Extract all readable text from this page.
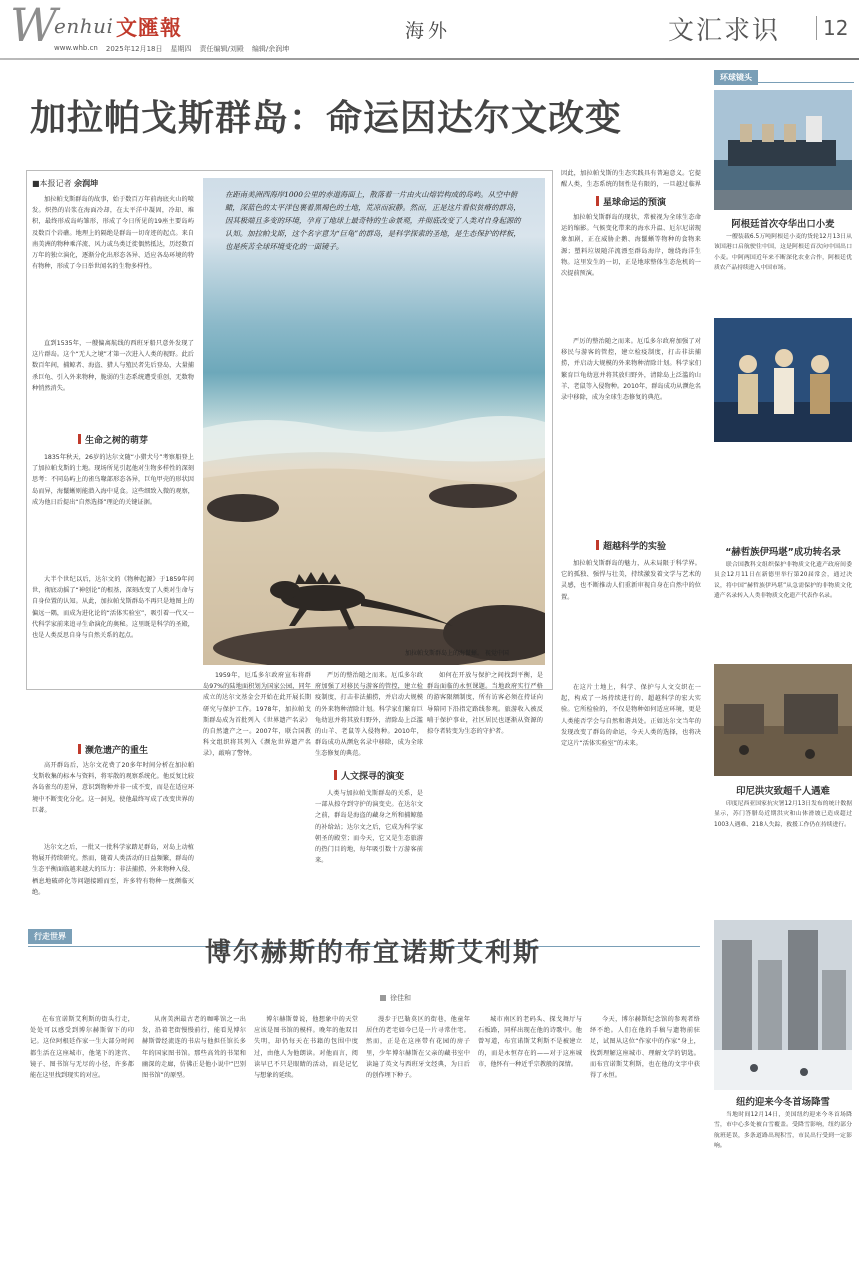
W
enhui 文匯報
www.whb.cn 2025年12月18日 星期四 责任编辑/刘殿 编辑/余润坤
海外	文汇求识	12
加拉帕戈斯群岛：命运因达尔文改变
■本报记者 余润坤
加拉帕戈斯群岛的故事，始于数百万年前海底火山的喷发。炽热的岩浆在海面冷却，在太平洋中凝固，冷却、堆积，最终形成岛屿雏形，形成了今日所见的19座主要岛屿及数百个岩礁。地理上的隔绝是群岛一切奇迹的起点。来自南美洲的物种乘洋流、风力或鸟类迁徙偶然抵达，历经数百万年的独立演化，逐渐分化出形态各异、适应各岛环境的特有物种，形成了今日举世闻名的生物多样性。
直到1535年，一艘偏离航线的西班牙船只意外发现了这片群岛。这个“无人之境”才第一次进入人类的视野。此后数百年间，捕鲸者、海盗、猎人与殖民者先后登岛，大量捕杀巨龟、引入外来物种，脆弱的生态系统遭受重创，无数物种悄然消失。
生命之树的萌芽
1835年秋天，26岁的达尔文随“小猎犬号”考察船登上了加拉帕戈斯的土地。现场所见引起他对生物多样性的深刻思考：不同岛屿上的雀鸟喙部形态各异，巨龟甲壳的形状因岛而异，海鬣蜥则能潜入海中觅食。这些细致入微的观察，成为他日后提出“自然选择”理论的关键证据。
大半个世纪以后，达尔文的《物种起源》于1859年问世，彻底动摇了“神创论”的根基，深刻改变了人类对生命与自身位置的认知。从此，加拉帕戈斯群岛不再只是地图上的偏远一隅，而成为进化论的“活体实验室”，吸引着一代又一代科学家前来追寻生命演化的奥秘。这里既是科学的圣殿，也是人类反思自身与自然关系的起点。
在距南美洲西海岸1000公里的赤道海面上，散落着一片由火山熔岩构成的岛屿。从空中俯瞰，深蓝色的太平洋包裹着黑褐色的土地，荒凉而寂静。然而，正是这片看似贫瘠的群岛，因其极端且多变的环境，孕育了地球上最奇特的生命景观，并彻底改变了人类对自身起源的认知。加拉帕戈斯，这个名字意为“巨龟”的群岛，是科学探索的圣地，是生态保护的样板，也是疾苦全球环境变化的一面镜子。
加拉帕戈斯群岛上的海鬣蜥。 视觉中国
1959年，厄瓜多尔政府宣布将群岛97%的陆地面积划为国家公园，同年成立的达尔文基金会开始在此开展长期研究与保护工作。1978年，加拉帕戈斯群岛成为首批列入《世界遗产名录》的自然遗产之一。2007年，联合国教科文组织将其列入《濒危世界遗产名录》，敲响了警钟。
严厉的整治随之而来。厄瓜多尔政府加强了对移民与游客的管控，建立检疫制度，打击非法捕捞，并启动大规模的外来物种清除计划。科学家们繁育巨龟幼崽并将其放归野外，清除岛上泛滥的山羊、老鼠等入侵物种。2010年，群岛成功从濒危名录中移除，成为全球生态修复的典范。
人文探寻的演变
人类与加拉帕戈斯群岛的关系，是一部从掠夺到守护的演变史。在达尔文之前，群岛是海盗的藏身之所和捕鲸船的补给站；达尔文之后，它成为科学家朝圣的殿堂；而今天，它又是生态旅游的热门目的地，每年吸引数十万游客前来。
如何在开放与保护之间找到平衡，是群岛面临的永恒课题。当地政府实行严格的游客限额制度，所有访客必须在持证向导陪同下沿指定路线参观。旅游收入被反哺于保护事业，社区居民也逐渐从资源的掠夺者转变为生态的守护者。
濒危遗产的重生
高开群岛后，达尔文花费了20多年时间分析在加拉帕戈斯收集的标本与资料，将零散的观察系统化。他反复比较各岛雀鸟的差异，意识到物种并非一成不变，而是在适应环境中不断变化分化。这一洞见，使他最终写成了改变世界的巨著。
达尔文之后，一批又一批科学家踏足群岛，对岛上动植物展开持续研究。然而，随着人类活动的日益频繁，群岛的生态平衡面临越来越大的压力：非法捕捞、外来物种入侵、栖息地破碎化等问题接踵而至，许多特有物种一度濒临灭绝。
因此，加拉帕戈斯的生态实践具有普遍意义。它提醒人类，生态系统的韧性是有限的，一旦越过临界
星球命运的预演
加拉帕戈斯群岛的现状，常被视为全球生态命运的缩影。气候变化带来的海水升温、厄尔尼诺现象加剧，正在威胁企鹅、海鬣蜥等物种的食物来源；塑料垃圾随洋流漂至群岛海岸，缠绕海洋生物。这里发生的一切，正是地球整体生态危机的一次提前预演。
严厉的整治随之而来。厄瓜多尔政府加强了对移民与游客的管控，建立检疫制度，打击非法捕捞，并启动大规模的外来物种清除计划。科学家们繁育巨龟幼崽并将其放归野外，清除岛上泛滥的山羊、老鼠等入侵物种。2010年，群岛成功从濒危名录中移除，成为全球生态修复的典范。
超越科学的实验
加拉帕戈斯群岛的魅力，从未局限于科学界。它的孤独、强悍与壮美，持续激发着文学与艺术的灵感，也不断推动人们重新审视自身在自然中的位置。
在这片土地上，科学、保护与人文交织在一起，构成了一场持续进行的、超越科学的宏大实验。它所检验的，不仅是物种如何适应环境，更是人类能否学会与自然和谐共处。正如达尔文当年的发现改变了群岛的命运，今天人类的选择，也将决定这片“活体实验室”的未来。
环球镜头
阿根廷首次夺华出口小麦
一艘装载6.5万吨阿根廷小麦的货轮12月13日从该国港口启航驶往中国，这是阿根廷首次向中国出口小麦。中阿两国近年来不断深化农业合作，阿根廷优质农产品持续进入中国市场。
“赫哲族伊玛堪”成功转名录
联合国教科文组织保护非物质文化遗产政府间委员会12月11日在新德里举行第20届常会，通过决议，将中国“赫哲族伊玛堪”从急需保护的非物质文化遗产名录转入人类非物质文化遗产代表作名录。
印尼洪灾致超千人遇难
印度尼西亚国家抗灾署12月13日发布的统计数据显示，苏门答腊岛近期洪灾和山体滑坡已造成超过1003人遇难、218人失踪，救援工作仍在持续进行。
纽约迎来今冬首场降雪
当地时间12月14日，美国纽约迎来今冬首场降雪，市中心多处被白雪覆盖。受降雪影响，纽约部分航班延误，多条道路出现积雪，市民出行受到一定影响。
行走世界
博尔赫斯的布宜诺斯艾利斯
徐佳和
在布宜诺斯艾利斯的街头行走，处处可以感受到博尔赫斯留下的印记。这位阿根廷作家一生大部分时间都生活在这座城市，他笔下的迷宫、镜子、图书馆与无尽的小径，许多都能在这里找到现实的对应。
从南美洲最古老的咖啡馆之一出发，沿着老街慢慢前行，能看见博尔赫斯曾经流连的书店与他担任馆长多年的国家图书馆。那些高耸的书架和幽深的走廊，仿佛正是他小说中“巴别图书馆”的原型。
博尔赫斯曾说，他想象中的天堂应该是图书馆的模样。晚年的他双目失明，却仍每天在书籍的包围中度过，由他人为他朗读。对他而言，阅读早已不只是眼睛的活动，而是记忆与想象的延续。
漫步于巴勒莫区的街巷，他童年居住的老宅如今已是一片寻常住宅。然而，正是在这座带有花园的房子里，少年博尔赫斯在父亲的藏书室中读遍了英文与西班牙文经典，为日后的创作埋下种子。
城市南区的老码头、探戈舞厅与石板路，同样出现在他的诗歌中。他曾写道，布宜诺斯艾利斯不是被建立的，而是永恒存在的——对于这座城市，他怀有一种近乎宗教般的深情。
今天，博尔赫斯纪念馆的参观者络绎不绝。人们在他的手稿与遗物前驻足，试图从这位“作家中的作家”身上，找到理解这座城市、理解文学的钥匙。而布宜诺斯艾利斯，也在他的文字中获得了永恒。
